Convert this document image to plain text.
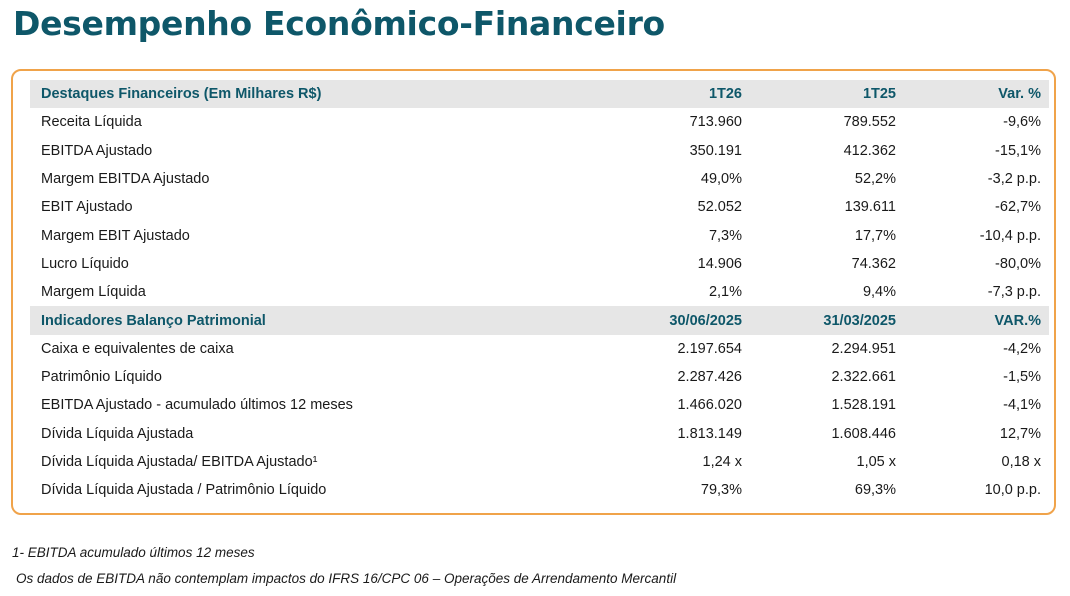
Desempenho Econômico-Financeiro
Destaques Financeiros (Em Milhares R$)	1T26	1T25	Var. %
Receita Líquida	713.960	789.552	-9,6%
EBITDA Ajustado	350.191	412.362	-15,1%
Margem EBITDA Ajustado	49,0%	52,2%	-3,2 p.p.
EBIT Ajustado	52.052	139.611	-62,7%
Margem EBIT Ajustado	7,3%	17,7%	-10,4 p.p.
Lucro Líquido	14.906	74.362	-80,0%
Margem Líquida	2,1%	9,4%	-7,3 p.p.
Indicadores Balanço Patrimonial	30/06/2025	31/03/2025	VAR.%
Caixa e equivalentes de caixa	2.197.654	2.294.951	-4,2%
Patrimônio Líquido	2.287.426	2.322.661	-1,5%
EBITDA Ajustado - acumulado últimos 12 meses	1.466.020	1.528.191	-4,1%
Dívida Líquida Ajustada	1.813.149	1.608.446	12,7%
Dívida Líquida Ajustada/ EBITDA Ajustado¹	1,24 x	1,05 x	0,18 x
Dívida Líquida Ajustada / Patrimônio Líquido	79,3%	69,3%	10,0 p.p.

1- EBITDA acumulado últimos 12 meses

Os dados de EBITDA não contemplam impactos do IFRS 16/CPC 06 – Operações de Arrendamento Mercantil
